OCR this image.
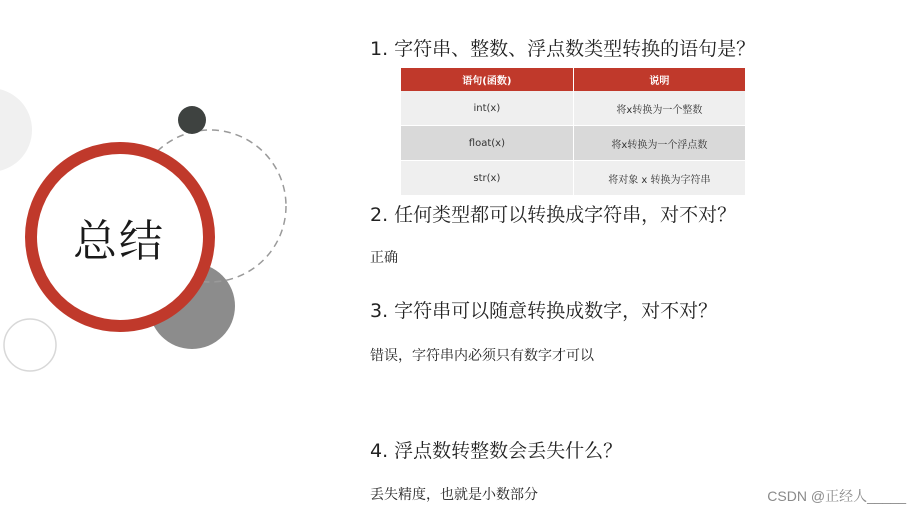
总结
1. 字符串、整数、浮点数类型转换的语句是？
语句(函数)	说明
int(x)	将x转换为一个整数
float(x)	将x转换为一个浮点数
str(x)	将对象 x 转换为字符串
2. 任何类型都可以转换成字符串，对不对？
正确
3. 字符串可以随意转换成数字，对不对？
错误，字符串内必须只有数字才可以
4. 浮点数转整数会丢失什么？
丢失精度，也就是小数部分	CSDN @正经人_____
